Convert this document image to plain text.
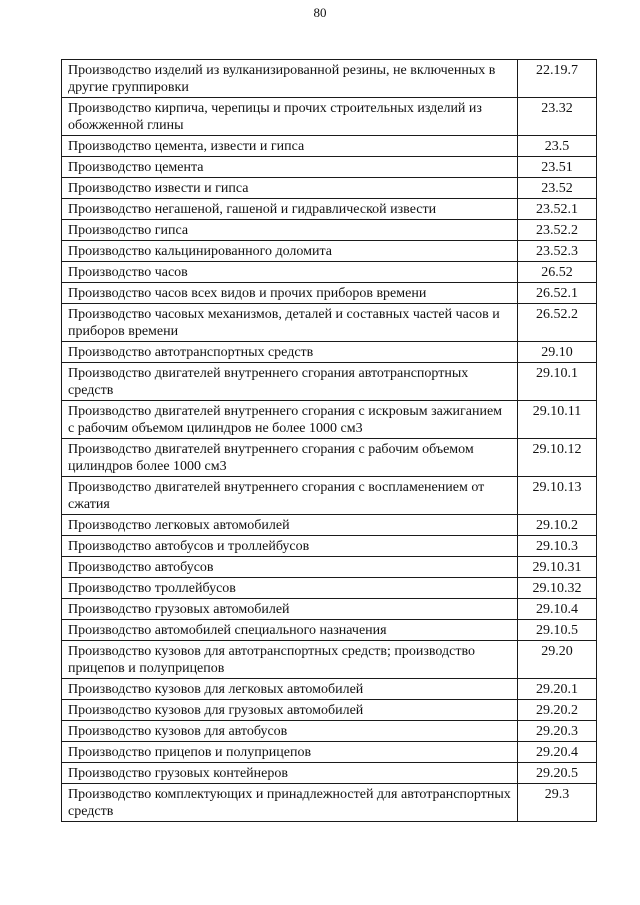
80
Производство изделий из вулканизированной резины, не включенных в другие группировки	22.19.7
Производство кирпича, черепицы и прочих строительных изделий из обожженной глины	23.32
Производство цемента, извести и гипса	23.5
Производство цемента	23.51
Производство извести и гипса	23.52
Производство негашеной, гашеной и гидравлической извести	23.52.1
Производство гипса	23.52.2
Производство кальцинированного доломита	23.52.3
Производство часов	26.52
Производство часов всех видов и прочих приборов времени	26.52.1
Производство часовых механизмов, деталей и составных частей часов и приборов времени	26.52.2
Производство автотранспортных средств	29.10
Производство двигателей внутреннего сгорания автотранспортных средств	29.10.1
Производство двигателей внутреннего сгорания с искровым зажиганием с рабочим объемом цилиндров не более 1000 см3	29.10.11
Производство двигателей внутреннего сгорания с рабочим объемом цилиндров более 1000 см3	29.10.12
Производство двигателей внутреннего сгорания с воспламенением от сжатия	29.10.13
Производство легковых автомобилей	29.10.2
Производство автобусов и троллейбусов	29.10.3
Производство автобусов	29.10.31
Производство троллейбусов	29.10.32
Производство грузовых автомобилей	29.10.4
Производство автомобилей специального назначения	29.10.5
Производство кузовов для автотранспортных средств; производство прицепов и полуприцепов	29.20
Производство кузовов для легковых автомобилей	29.20.1
Производство кузовов для грузовых автомобилей	29.20.2
Производство кузовов для автобусов	29.20.3
Производство прицепов и полуприцепов	29.20.4
Производство грузовых контейнеров	29.20.5
Производство комплектующих и принадлежностей для автотранспортных средств	29.3
